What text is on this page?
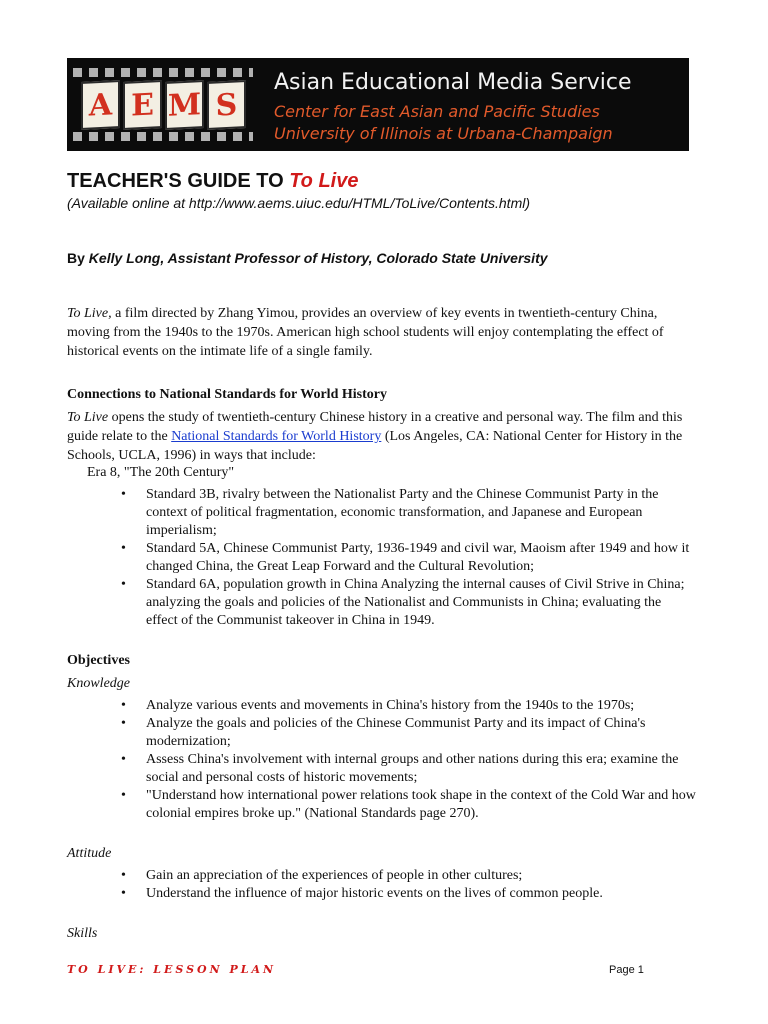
A E M S
Asian Educational Media Service
Center for East Asian and Pacific Studies
University of Illinois at Urbana-Champaign
TEACHER'S GUIDE TO To Live
(Available online at http://www.aems.uiuc.edu/HTML/ToLive/Contents.html)
By Kelly Long, Assistant Professor of History, Colorado State University

To Live, a film directed by Zhang Yimou, provides an overview of key events in twentieth-century China, moving from the 1940s to the 1970s. American high school students will enjoy contemplating the effect of historical events on the intimate life of a single family.

Connections to National Standards for World History

To Live opens the study of twentieth-century Chinese history in a creative and personal way. The film and this guide relate to the National Standards for World History (Los Angeles, CA: National Center for History in the Schools, UCLA, 1996) in ways that include:

Era 8, "The 20th Century"
• Standard 3B, rivalry between the Nationalist Party and the Chinese Communist Party in the context of political fragmentation, economic transformation, and Japanese and European imperialism;
• Standard 5A, Chinese Communist Party, 1936-1949 and civil war, Maoism after 1949 and how it changed China, the Great Leap Forward and the Cultural Revolution;
• Standard 6A, population growth in China Analyzing the internal causes of Civil Strive in China; analyzing the goals and policies of the Nationalist and Communists in China; evaluating the effect of the Communist takeover in China in 1949.
Objectives
Knowledge
• Analyze various events and movements in China's history from the 1940s to the 1970s;
• Analyze the goals and policies of the Chinese Communist Party and its impact of China's modernization;
• Assess China's involvement with internal groups and other nations during this era; examine the social and personal costs of historic movements;
• "Understand how international power relations took shape in the context of the Cold War and how colonial empires broke up." (National Standards page 270).
Attitude
• Gain an appreciation of the experiences of people in other cultures;
• Understand the influence of major historic events on the lives of common people.
Skills
TO LIVE: LESSON PLAN	Page 1
